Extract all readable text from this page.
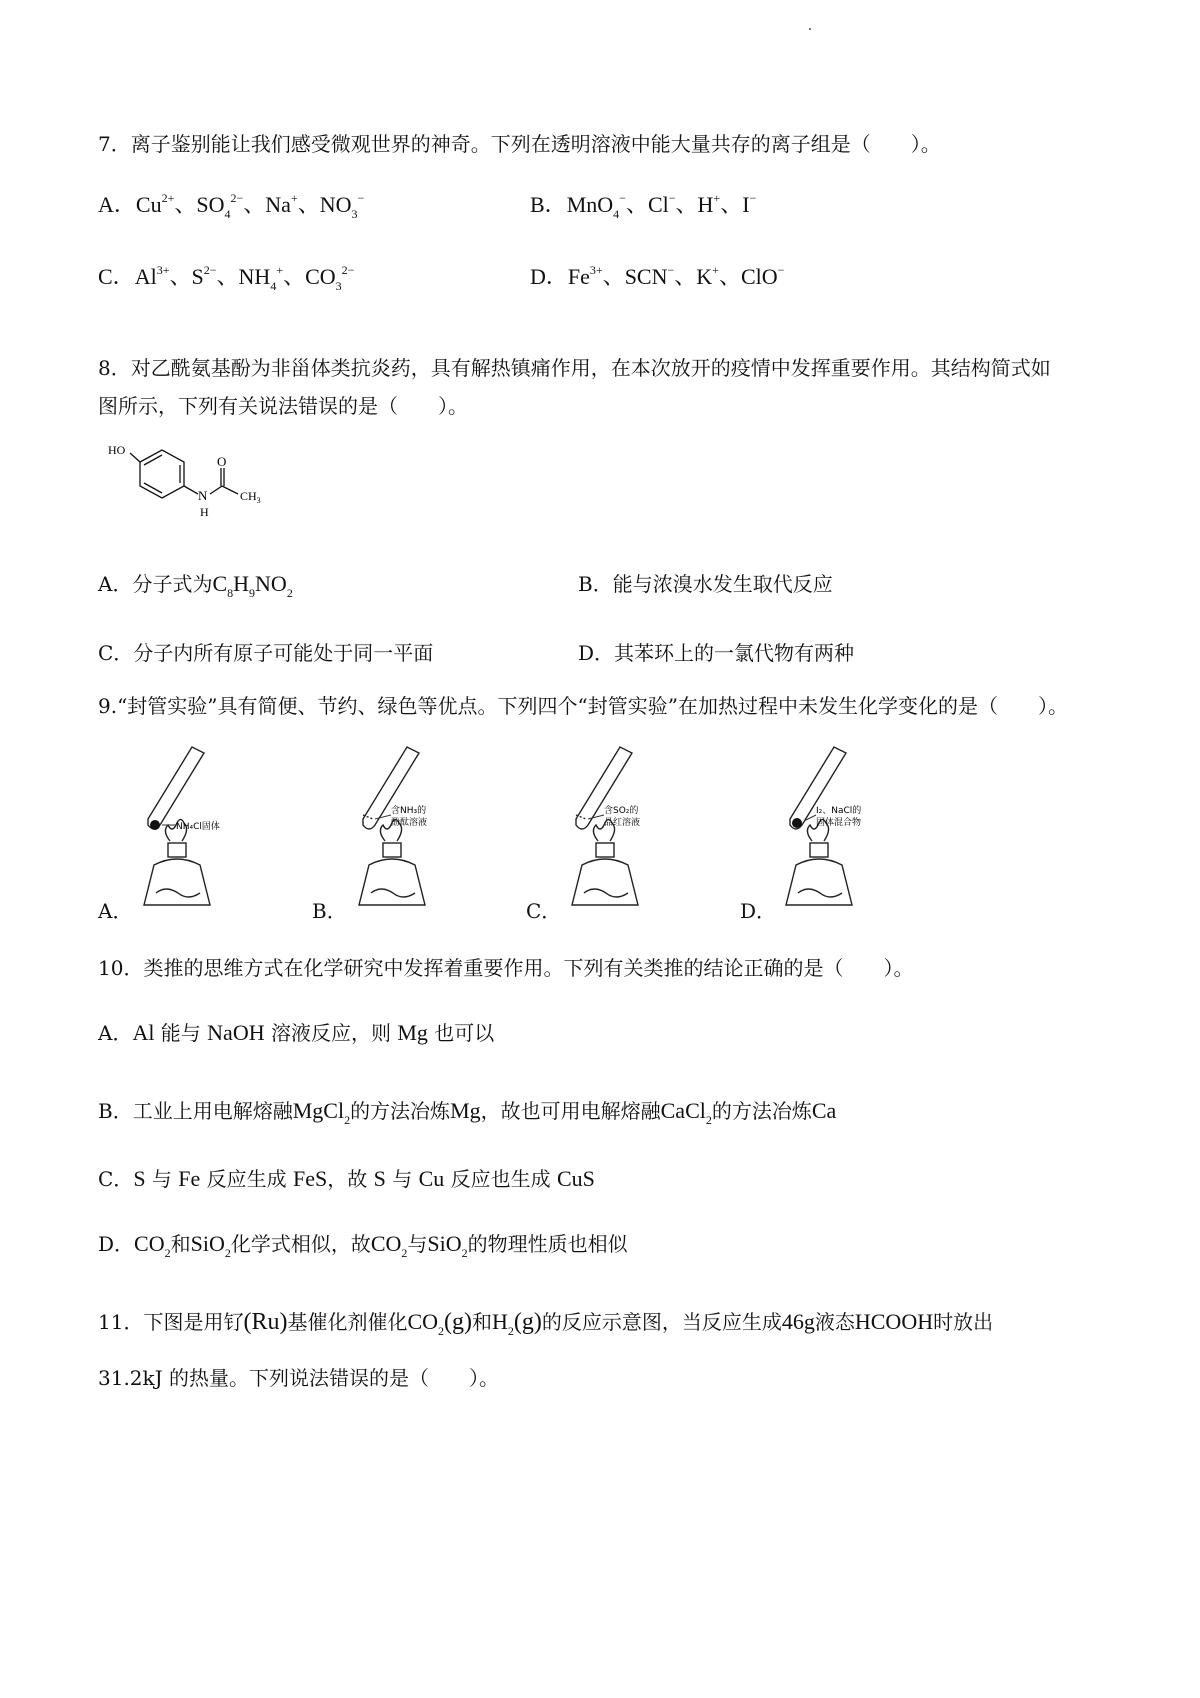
7．离子鉴别能让我们感受微观世界的神奇。下列在透明溶液中能大量共存的离子组是（　　）。
A．$Cu^{2+}$、$SO_4^{2-}$、Na+、$NO_3^-$	B．MnO$_4$−、Cl−、H+、I−
C．$Al^{3+}$、$S^{2-}$、$NH_4^+$、$CO_3^{2-}$	D．$Fe^{3+}$、SCN−、K+、ClO−
8．对乙酰氨基酚为非甾体类抗炎药，具有解热镇痛作用，在本次放开的疫情中发挥重要作用。其结构简式如
图所示，下列有关说法错误的是（　　）。
HO
N
H
O
$CH_3$
A．分子式为$C_8H_9NO_2$	B．能与浓溴水发生取代反应
C．分子内所有原子可能处于同一平面	D．其苯环上的一氯代物有两种
9.“封管实验”具有简便、节约、绿色等优点。下列四个“封管实验”在加热过程中未发生化学变化的是（　　）。
A．
NH₄Cl固体
B．
含NH₃的
酚酞溶液
C．
含SO₂的
品红溶液
D．
I₂、NaCl的
固体混合物
10．类推的思维方式在化学研究中发挥着重要作用。下列有关类推的结论正确的是（　　）。
A．Al 能与 NaOH 溶液反应，则 Mg 也可以
B．工业上用电解熔融MgCl$_2$的方法冶炼Mg，故也可用电解熔融CaCl$_2$的方法冶炼Ca
C．S 与 Fe 反应生成 FeS，故 S 与 Cu 反应也生成 CuS
D．$CO_2$和SiO$_2$化学式相似，故$CO_2$与SiO$_2$的物理性质也相似
11．下图是用钌(Ru)基催化剂催化$CO_2(g)$和$H_2(g)$的反应示意图，当反应生成46g液态HCOOH时放出
31.2kJ 的热量。下列说法错误的是（　　）。
